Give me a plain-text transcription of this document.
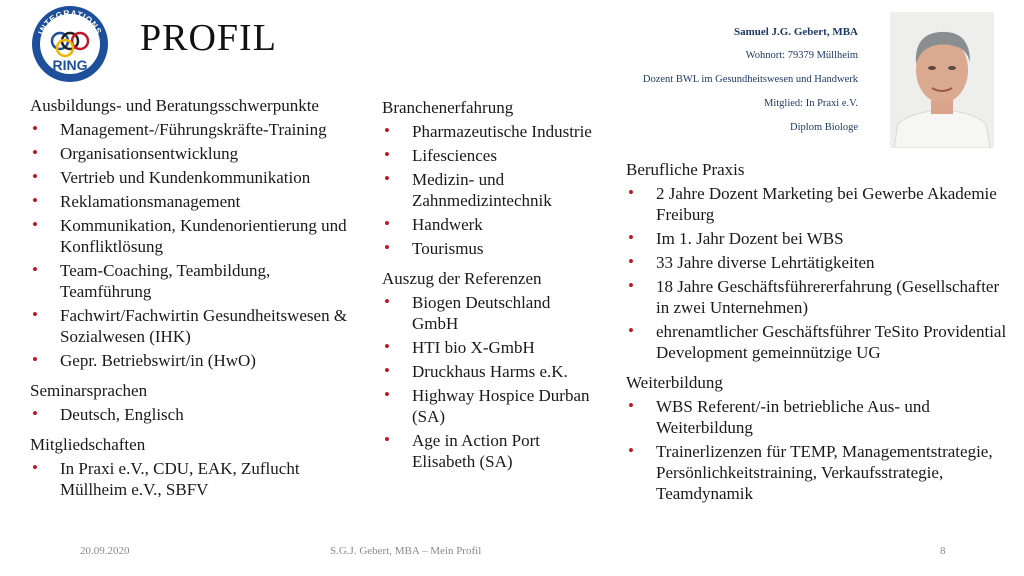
INTEGRATIONS
RING
PROFIL	Samuel J.G. Gebert, MBA
Wohnort: 79379 Müllheim
Dozent BWL im Gesundheitswesen und Handwerk
Mitglied: In Praxi e.V.
Diplom Biologe
Ausbildungs- und Beratungsschwerpunkte
• Management-/Führungskräfte-Training
• Organisationsentwicklung
• Vertrieb und Kundenkommunikation
• Reklamationsmanagement
• Kommunikation, Kundenorientierung und Konfliktlösung
• Team-Coaching, Teambildung, Teamführung
• Fachwirt/Fachwirtin Gesundheitswesen & Sozialwesen (IHK)
• Gepr. Betriebswirt/in (HwO)
Seminarsprachen
• Deutsch, Englisch
Mitgliedschaften
• In Praxi e.V., CDU, EAK, Zuflucht Müllheim e.V., SBFV
Branchenerfahrung
• Pharmazeutische Industrie
• Lifesciences
• Medizin- und Zahnmedizintechnik
• Handwerk
• Tourismus
Auszug der Referenzen
• Biogen Deutschland GmbH
• HTI bio X-GmbH
• Druckhaus Harms e.K.
• Highway Hospice Durban (SA)
• Age in Action Port Elisabeth (SA)
Berufliche Praxis
• 2 Jahre Dozent Marketing bei Gewerbe Akademie Freiburg
• Im 1. Jahr Dozent bei WBS
• 33 Jahre diverse Lehrtätigkeiten
• 18 Jahre Geschäftsführererfahrung (Gesellschafter in zwei Unternehmen)
• ehrenamtlicher Geschäftsführer TeSito Providential Development gemeinnützige UG
Weiterbildung
• WBS Referent/-in betriebliche Aus- und Weiterbildung
• Trainerlizenzen für TEMP, Managementstrategie, Persönlichkeitstraining, Verkaufsstrategie, Teamdynamik
20.09.2020	S.G.J. Gebert, MBA – Mein Profil	8
